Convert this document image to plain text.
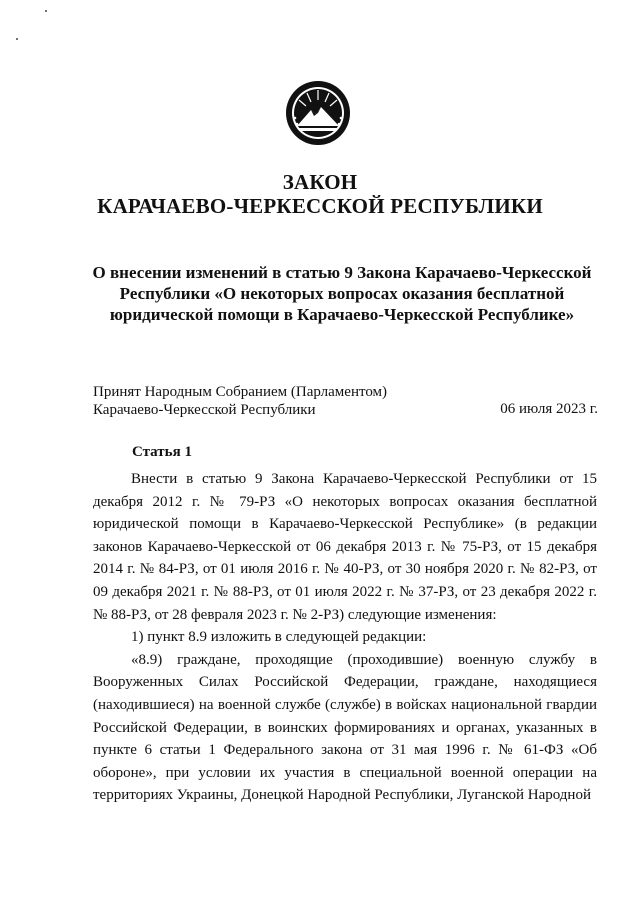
ЗАКОН
КАРАЧАЕВО-ЧЕРКЕССКОЙ РЕСПУБЛИКИ
О внесении изменений в статью 9 Закона Карачаево-Черкесской Республики «О некоторых вопросах оказания бесплатной юридической помощи в Карачаево-Черкесской Республике»
Принят Народным Собранием (Парламентом)
Карачаево-Черкесской Республики	06 июля 2023 г.
Статья 1

Внести в статью 9 Закона Карачаево-Черкесской Республики от 15 декабря 2012 г. № 79-РЗ «О некоторых вопросах оказания бесплатной юридической помощи в Карачаево-Черкесской Республике» (в редакции законов Карачаево-Черкесской от 06 декабря 2013 г. № 75-РЗ, от 15 декабря 2014 г. № 84-РЗ, от 01 июля 2016 г. № 40-РЗ, от 30 ноября 2020 г. № 82-РЗ, от 09 декабря 2021 г. № 88-РЗ, от 01 июля 2022 г. № 37-РЗ, от 23 декабря 2022 г. № 88-РЗ, от 28 февраля 2023 г. № 2-РЗ) следующие изменения:

1) пункт 8.9 изложить в следующей редакции:

«8.9) граждане, проходящие (проходившие) военную службу в Вооруженных Силах Российской Федерации, граждане, находящиеся (находившиеся) на военной службе (службе) в войсках национальной гвардии Российской Федерации, в воинских формированиях и органах, указанных в пункте 6 статьи 1 Федерального закона от 31 мая 1996 г. № 61-ФЗ «Об обороне», при условии их участия в специальной военной операции на территориях Украины, Донецкой Народной Республики, Луганской Народной
